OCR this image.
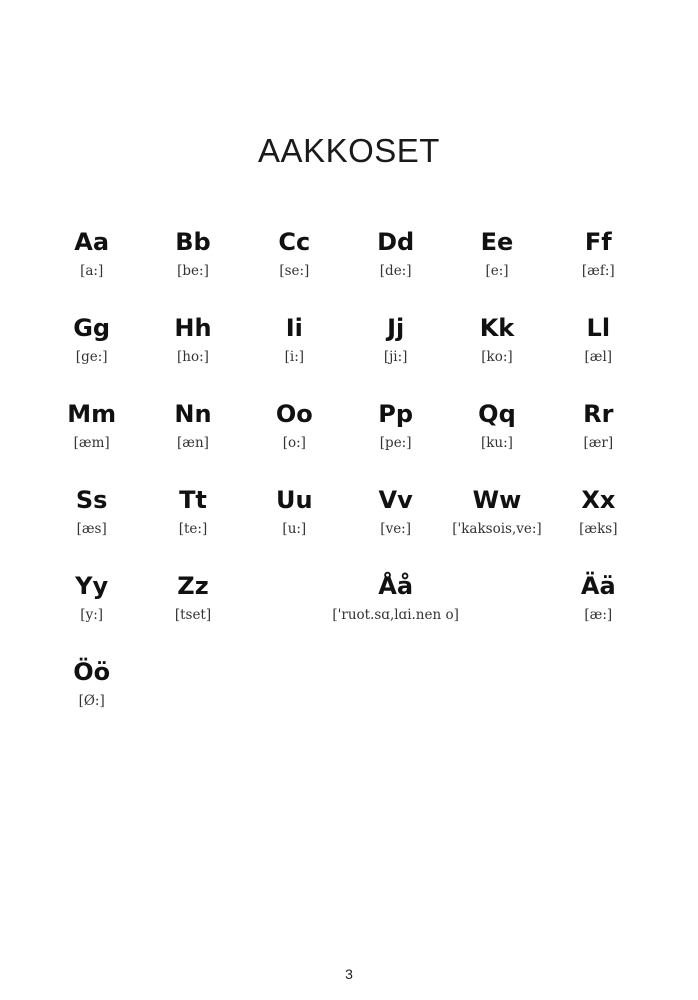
AAKKOSET
Aa
[a:]
Bb
[be:]
Cc
[se:]
Dd
[de:]
Ee
[e:]
Ff
[æf:]
Gg
[ge:]
Hh
[ho:]
Ii
[i:]
Jj
[ji:]
Kk
[ko:]
Ll
[æl]
Mm
[æm]
Nn
[æn]
Oo
[o:]
Pp
[pe:]
Qq
[ku:]
Rr
[ær]
Ss
[æs]
Tt
[te:]
Uu
[u:]
Vv
[ve:]
Ww
['kaksois,ve:]
Xx
[æks]
Yy
[y:]
Zz
[tset]
Åå
['ruot.sɑ,lɑi.nen o]
Ää
[æ:]
Öö
[Ø:]
3
